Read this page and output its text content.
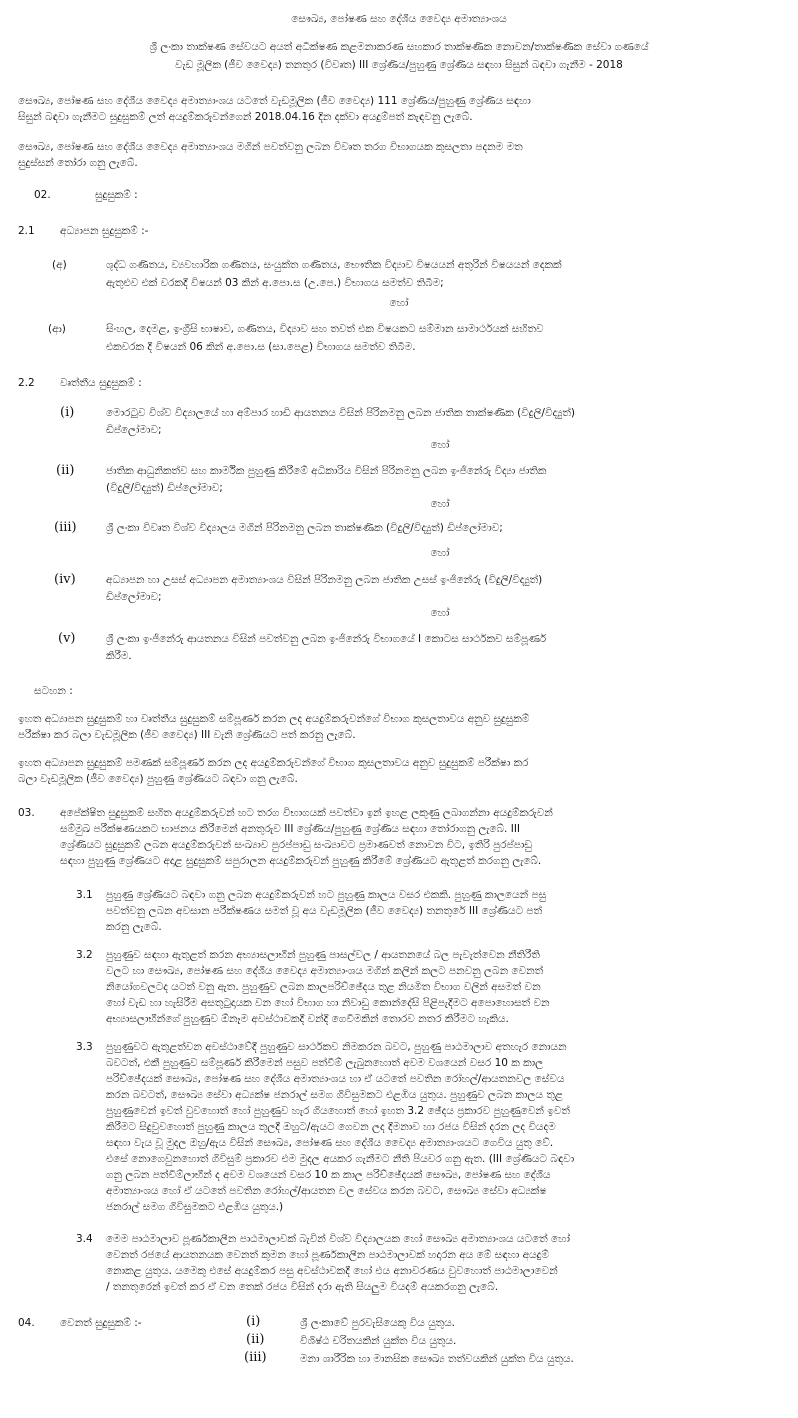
සෞඛ්‍ය, පෝෂණ සහ දේශීය වෛද්‍ය අමාත්‍යාංශය
ශ්‍රී ලංකා තාක්ෂණ සේවයට අයත් අධීක්ෂණ කළමනාකරණ සහකාර තාක්ෂණික නොවන/තාක්ෂණික සේවා ගණයේ
වැඩ මූලික (ජීව වෛද්‍ය) තනතුර (විවෘත) III ශ්‍රේණිය/පුහුණු ශ්‍රේණිය සඳහා සිසුන් බඳවා ගැනීම - 2018
සෞඛ්‍ය, පෝෂණ සහ දේශීය වෛද්‍ය අමාත්‍යාංශය යටතේ වැඩමූලික (ජීව වෛද්‍ය) 111 ශ්‍රේණිය/පුහුණු ශ්‍රේණිය සඳහා
සිසුන් බඳවා ගැනීමට සුදුසුකම් ලත් අයදුම්කරුවන්ගෙන් 2018.04.16 දින දක්වා අයදුම්පත් කැඳවනු ලැබේ.
සෞඛ්‍ය, පෝෂණ සහ දේශීය වෛද්‍ය අමාත්‍යාංශය මගින් පවත්වනු ලබන විවෘත තරග විභාගයක කුසලතා පදනම මත
සුදුස්සන් තෝරා ගනු ලැබේ.
02.	සුදුසුකම් :
2.1 අධ්‍යාපන සුදුසුකම් :-
(අ)	ශුද්ධ ගණිතය, ව්‍යවහාරික ගණිතය, සංයුක්ත ගණිතය, භෞතික විද්‍යාව විෂයයන් අතුරින් විෂයයන් දෙකක්
ඇතුළුව එක් වරකදී විෂයන් 03 කින් අ.පො.ස (උ.පෙ.) විභාගය සමත්ව තිබීම;
හෝ
(ආ)	සිංහල, දෙමළ, ඉංග්‍රීසි භාෂාව, ගණිතය, විද්‍යාව සහ තවත් එක විෂයකට සම්මාන සාමාර්ථයක් සහිතව
එකවරක දී විෂයන් 06 කින් අ.පො.ස (සා.පෙළ) විභාගය සමත්ව තිබීම.
2.2 වෘත්තීය සුදුසුකම් :
(i)	මොරටුව විශ්ව විද්‍යාලයේ හා අම්පාර හාඩි ආයතනය විසින් පිරිනමනු ලබන ජාතික තාක්ෂණික (විදුලි/විද්‍යුත්)
ඩිප්ලෝමාව;
හෝ
(ii)	ජාතික ආධුනිකත්ව සහ කාර්මික පුහුණු කිරීමේ අධිකාරිය විසින් පිරිනමනු ලබන ඉංජිනේරු විද්‍යා ජාතික
(විදුලි/විද්‍යුත්) ඩිප්ලෝමාව;
හෝ
(iii)	ශ්‍රී ලංකා විවෘත විශ්ව විද්‍යාලය මගින් පිරිනමනු ලබන තාක්ෂණික (විදුලි/විද්‍යුත්) ඩිප්ලෝමාව;
හෝ
(iv)	අධ්‍යාපන හා උසස් අධ්‍යාපන අමාත්‍යාංශය විසින් පිරිනමනු ලබන ජාතික උසස් ඉංජිනේරු (විදුලි/විද්‍යුත්)
ඩිප්ලෝමාව;
හෝ
(v)	ශ්‍රී ලංකා ඉංජිනේරු ආයතනය විසින් පවත්වනු ලබන ඉංජිනේරු විභාගයේ I කොටස සාර්ථකව සම්පූර්ණ
කිරීම.
සටහන :
ඉහත අධ්‍යාපන සුදුසුකම් හා වෘත්තීය සුදුසුකම් සම්පූර්ණ කරන ලද අයදුම්කරුවන්ගේ විභාග කුසලතාවය අනුව සුදුසුකම්
පරීක්ෂා කර බලා වැඩමූලික (ජීව වෛද්‍ය) III වැනි ශ්‍රේණියට පත් කරනු ලැබේ.
ඉහත අධ්‍යාපන සුදුසුකම් පමණක් සම්පූර්ණ කරන ලද අයදුම්කරුවන්ගේ විභාග කුසලතාවය අනුව සුදුසුකම් පරීක්ෂා කර
බලා වැඩමූලික (ජීව වෛද්‍ය) පුහුණු ශ්‍රේණියට බඳවා ගනු ලැබේ.
03. අපේක්ෂිත සුදුසුකම් සහිත අයදුම්කරුවන් හට තරග විභාගයක් පවත්වා ඉන් ඉහළ ලකුණු ලබාගන්නා අයදුම්කරුවන්
සම්මුඛ පරීක්ෂණයකට භාජනය කිරීමෙන් අනතුරුව III ශ්‍රේණිය/පුහුණු ශ්‍රේණිය සඳහා තෝරාගනු ලැබේ. III
ශ්‍රේණියට සුදුසුකම් ලබන අයදුම්කරුවන් සංඛ්‍යාව පුරප්පාඩු සංඛ්‍යාවට ප්‍රමාණවත් නොවන විට, ඉතිරි පුරප්පාඩු
සඳහා පුහුණු ශ්‍රේණියට අදාළ සුදුසුකම් සපුරාලන අයදුම්කරුවන් පුහුණු කිරීමේ ශ්‍රේණියට ඇතුළත් කරගනු ලැබේ.
3.1 පුහුණු ශ්‍රේණියට බඳවා ගනු ලබන අයදුම්කරුවන් හට පුහුණු කාලය වසර එකකි. පුහුණු කාලයෙන් පසු
පවත්වනු ලබන අවසාන පරීක්ෂණය සමත් වූ අය වැඩමූලික (ජීව වෛද්‍ය) තනතුරේ III ශ්‍රේණියට පත්
කරනු ලැබේ.
3.2 පුහුණුව සඳහා ඇතුළත් කරන අභ්‍යාසලාභීන් පුහුණු පාසල්වල / ආයතනයේ බල පැවැත්වෙන නීතිරීති
වලට හා සෞඛ්‍ය, පෝෂණ සහ දේශීය වෛද්‍ය අමාත්‍යාංශය මගින් කලින් කලට පනවනු ලබන වෙනත්
නියෝගවලටද යටත් වනු ඇත. පුහුණුව ලබන කාලපරිච්ඡේදය තුළ නියමිත විභාග වලින් අසමත් වන
හෝ වැඩ හා හැසිරීම අසතුටුදායක වන හෝ විභාග හා නිවාඩු කොන්දේසි පිළිපැදීමට අපොහොසත් වන
අභ්‍යාසලාභීන්ගේ පුහුණුව ඕනෑම අවස්ථාවකදී වන්දි ගෙවීමකින් තොරව නතර කිරීමට හැකිය.
3.3 පුහුණුවට ඇතුළත්වන අවස්ථාවේදී පුහුණුව සාර්ථකව නිමකරන බවට, පුහුණු පාඨමාලාව අතහැර නොයන
බවටත්, එකී පුහුණුව සම්පූර්ණ කිරීමෙන් පසුව පත්වීම් ලැබුනහොත් අවම වශයෙන් වසර 10 ක කාල
පරිච්ඡේදයක් සෞඛ්‍ය, පෝෂණ සහ දේශීය අමාත්‍යාංශය හා ඒ යටතේ පවතින රෝහල්/ආයතනවල සේවය
කරන බවටත්, සෞඛ්‍ය සේවා අධ්‍යක්ෂ ජනරාල් සමග ගිවිසුමකට එළඹිය යුතුය. පුහුණුව ලබන කාලය තුළ
පුහුණුවෙන් ඉවත් වුවහොත් හෝ පුහුණුව හැර ගියහොත් හෝ ඉහත 3.2 ඡේදය ප්‍රකාරව පුහුණුවෙන් ඉවත්
කිරීමට සිදුවුවහොත් පුහුණු කාලය තුලදී ඔහුට/ඇයට ගෙවන ලද දීමනාව හා රජය විසින් දරන ලද වියදම
සඳහා වැය වූ මුදල ඔහු/ඇය විසින් සෞඛ්‍ය, පෝෂණ සහ දේශීය වෛද්‍ය අමාත්‍යාංශයට ගෙවිය යුතු වේ.
එසේ නොගෙවුනහොත් ගිවිසුම් ප්‍රකාරව එම මුදල අයකර ගැනීමට නීති පියවර ගනු ඇත. (III ශ්‍රේණියට බඳවා
ගනු ලබන පත්වීම්ලාභීන් ද අවම වශයෙන් වසර 10 ක කාල පරිච්ඡේදයක් සෞඛ්‍ය, පෝෂණ සහ දේශීය
අමාත්‍යාංශය හෝ ඒ යටතේ පවතින රෝහල්/ආයතන වල සේවය කරන බවට, සෞඛ්‍ය සේවා අධ්‍යක්ෂ
ජනරාල් සමග ගිවිසුමකට එළඹිය යුතුය.)
3.4 මෙම පාඨමාලාව පූර්ණකාලීන පාඨමාලාවක් බැවින් විශ්ව විද්‍යාලයක හෝ සෞඛ්‍ය අමාත්‍යාංශය යටතේ හෝ
වෙනත් රජයේ ආයතනයක වෙනත් කුමන හෝ පූර්ණකාලීන පාඨමාලාවක් හදාරන අය මේ සඳහා අයදුම්
නොකළ යුතුය. යමෙකු එසේ අයදුම්කර පසු අවස්ථාවකදී හෝ එය අනාවරණය වුවහොත් පාඨමාලාවෙන්
/ තනතුරෙන් ඉවත් කර ඒ වන තෙක් රජය විසින් දරා ඇති සියලුම වියදම් අයකරගනු ලැබේ.
04. වෙනත් සුදුසුකම් :-	(i)	ශ්‍රී ලංකාවේ පුරවැසියෙකු විය යුතුය.
(ii)	විශිෂ්ඨ චරිතයකින් යුක්ත විය යුතුය.
(iii)	මනා ශාරීරික හා මානසික සෞඛ්‍ය තත්වයකින් යුක්ත විය යුතුය.
